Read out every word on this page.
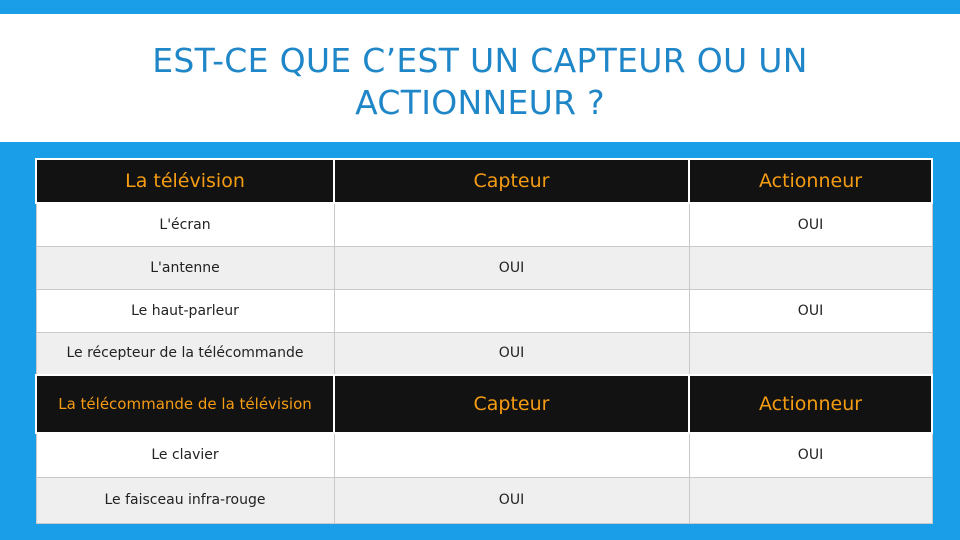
EST-CE QUE C’EST UN CAPTEUR OU UN
ACTIONNEUR ?
La télévision	Capteur	Actionneur
L'écran		OUI
L'antenne	OUI	
Le haut-parleur		OUI
Le récepteur de la télécommande	OUI	
La télécommande de la télévision	Capteur	Actionneur
Le clavier		OUI
Le faisceau infra-rouge	OUI	
